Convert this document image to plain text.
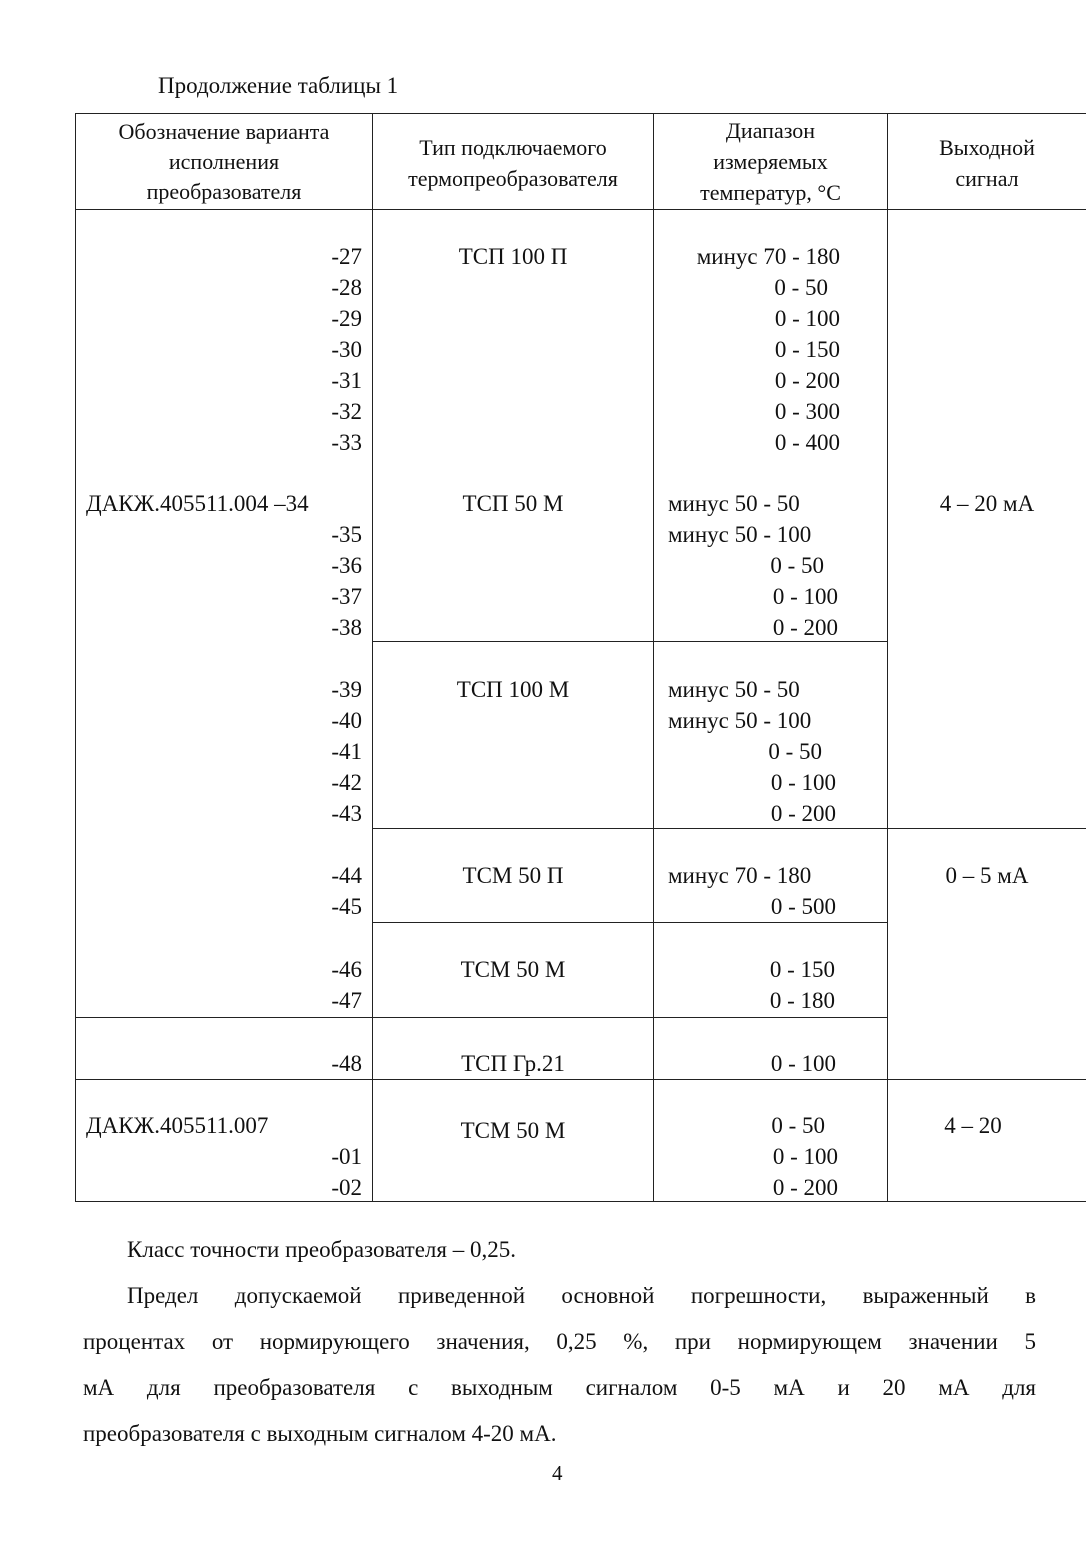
Продолжение таблицы 1
Обозначение варианта
исполнения
преобразователя
Тип подключаемого
термопреобразователя
Диапазон
измеряемых
температур, °С
Выходной
сигнал
-27
-28
-29
-30
-31
-32
-33
ДАКЖ.405511.004 –34
-35
-36
-37
-38
-39
-40
-41
-42
-43
-44
-45
-46
-47
-48
ДАКЖ.405511.007
-01
-02
ТСП 100 П
ТСП 50 М
ТСП 100 М
ТСМ 50 П
ТСМ 50 М
ТСП Гр.21
ТСМ 50 М
минус 70 - 180
0 - 50
0 - 100
0 - 150
0 - 200
0 - 300
0 - 400
минус 50 - 50
минус 50 - 100
0 - 50
0 - 100
0 - 200
минус 50 - 50
минус 50 - 100
0 - 50
0 - 100
0 - 200
минус 70 - 180
0 - 500
0 - 150
0 - 180
0 - 100
0 - 50
0 - 100
0 - 200
4 – 20 мА
0 – 5 мА
4 – 20
Класс точности преобразователя – 0,25.
Предел допускаемой приведенной основной погрешности, выраженный в
процентах от нормирующего значения, 0,25 %, при нормирующем значении 5
мА для преобразователя с выходным сигналом 0-5 мА и 20 мА для
преобразователя с выходным сигналом 4-20 мА.
4
